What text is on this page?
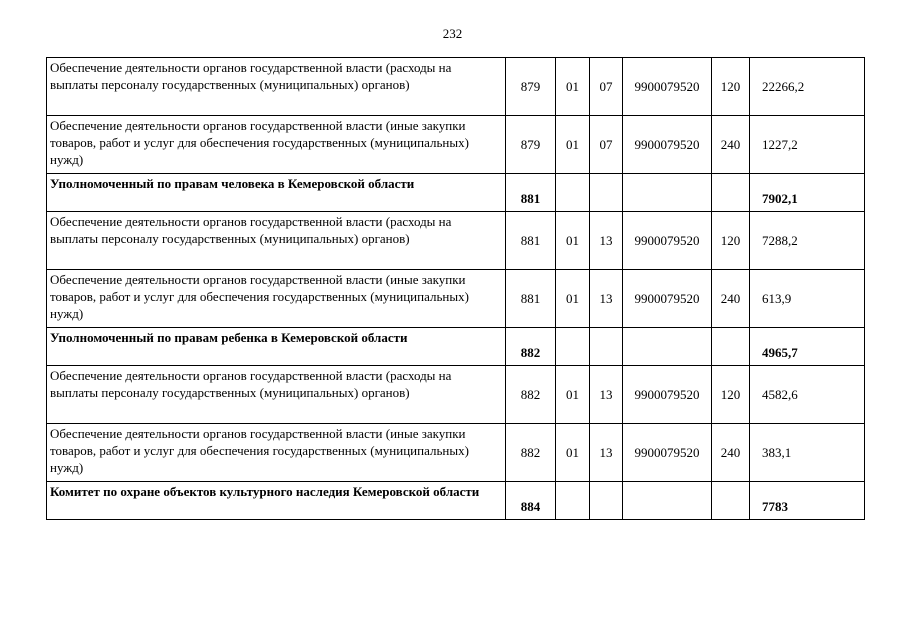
232
Обеспечение деятельности органов государственной власти (расходы на выплаты персоналу государственных (муниципальных) органов)	879	01	07	9900079520	120	22266,2
Обеспечение деятельности органов государственной власти (иные закупки товаров, работ и услуг для обеспечения государственных (муниципальных) нужд)	879	01	07	9900079520	240	1227,2
Уполномоченный по правам человека в Кемеровской области	881					7902,1
Обеспечение деятельности органов государственной власти (расходы на выплаты персоналу государственных (муниципальных) органов)	881	01	13	9900079520	120	7288,2
Обеспечение деятельности органов государственной власти (иные закупки товаров, работ и услуг для обеспечения государственных (муниципальных) нужд)	881	01	13	9900079520	240	613,9
Уполномоченный по правам ребенка в Кемеровской области	882					4965,7
Обеспечение деятельности органов государственной власти (расходы на выплаты персоналу государственных (муниципальных) органов)	882	01	13	9900079520	120	4582,6
Обеспечение деятельности органов государственной власти (иные закупки товаров, работ и услуг для обеспечения государственных (муниципальных) нужд)	882	01	13	9900079520	240	383,1
Комитет по охране объектов культурного наследия Кемеровской области	884					7783
